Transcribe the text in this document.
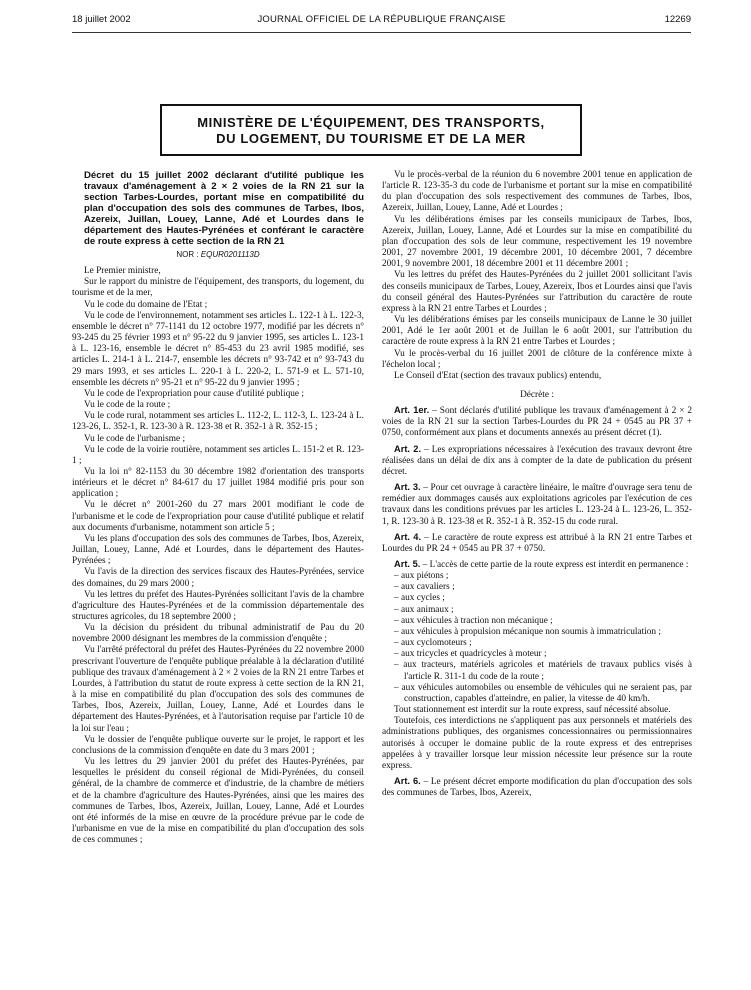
18 juillet 2002	JOURNAL OFFICIEL DE LA RÉPUBLIQUE FRANÇAISE	12269
MINISTÈRE DE L'ÉQUIPEMENT, DES TRANSPORTS,
DU LOGEMENT, DU TOURISME ET DE LA MER

Décret du 15 juillet 2002 déclarant d'utilité publique les travaux d'aménagement à 2 × 2 voies de la RN 21 sur la section Tarbes-Lourdes, portant mise en compatibilité du plan d'occupation des sols des communes de Tarbes, Ibos, Azereix, Juillan, Louey, Lanne, Adé et Lourdes dans le département des Hautes-Pyrénées et conférant le caractère de route express à cette section de la RN 21

NOR : EQUR0201113D

Le Premier ministre,

Sur le rapport du ministre de l'équipement, des transports, du logement, du tourisme et de la mer,

Vu le code du domaine de l'Etat ;

Vu le code de l'environnement, notamment ses articles L. 122-1 à L. 122-3, ensemble le décret n° 77-1141 du 12 octobre 1977, modifié par les décrets n° 93-245 du 25 février 1993 et n° 95-22 du 9 janvier 1995, ses articles L. 123-1 à L. 123-16, ensemble le décret n° 85-453 du 23 avril 1985 modifié, ses articles L. 214-1 à L. 214-7, ensemble les décrets n° 93-742 et n° 93-743 du 29 mars 1993, et ses articles L. 220-1 à L. 220-2, L. 571-9 et L. 571-10, ensemble les décrets n° 95-21 et n° 95-22 du 9 janvier 1995 ;

Vu le code de l'expropriation pour cause d'utilité publique ;

Vu le code de la route ;

Vu le code rural, notamment ses articles L. 112-2, L. 112-3, L. 123-24 à L. 123-26, L. 352-1, R. 123-30 à R. 123-38 et R. 352-1 à R. 352-15 ;

Vu le code de l'urbanisme ;

Vu le code de la voirie routière, notamment ses articles L. 151-2 et R. 123-1 ;

Vu la loi n° 82-1153 du 30 décembre 1982 d'orientation des transports intérieurs et le décret n° 84-617 du 17 juillet 1984 modifié pris pour son application ;

Vu le décret n° 2001-260 du 27 mars 2001 modifiant le code de l'urbanisme et le code de l'expropriation pour cause d'utilité publique et relatif aux documents d'urbanisme, notamment son article 5 ;

Vu les plans d'occupation des sols des communes de Tarbes, Ibos, Azereix, Juillan, Louey, Lanne, Adé et Lourdes, dans le département des Hautes-Pyrénées ;

Vu l'avis de la direction des services fiscaux des Hautes-Pyrénées, service des domaines, du 29 mars 2000 ;

Vu les lettres du préfet des Hautes-Pyrénées sollicitant l'avis de la chambre d'agriculture des Hautes-Pyrénées et de la commission départementale des structures agricoles, du 18 septembre 2000 ;

Vu la décision du président du tribunal administratif de Pau du 20 novembre 2000 désignant les membres de la commission d'enquête ;

Vu l'arrêté préfectoral du préfet des Hautes-Pyrénées du 22 novembre 2000 prescrivant l'ouverture de l'enquête publique préalable à la déclaration d'utilité publique des travaux d'aménagement à 2 × 2 voies de la RN 21 entre Tarbes et Lourdes, à l'attribution du statut de route express à cette section de la RN 21, à la mise en compatibilité du plan d'occupation des sols des communes de Tarbes, Ibos, Azereix, Juillan, Louey, Lanne, Adé et Lourdes dans le département des Hautes-Pyrénées, et à l'autorisation requise par l'article 10 de la loi sur l'eau ;

Vu le dossier de l'enquête publique ouverte sur le projet, le rapport et les conclusions de la commission d'enquête en date du 3 mars 2001 ;

Vu les lettres du 29 janvier 2001 du préfet des Hautes-Pyrénées, par lesquelles le président du conseil régional de Midi-Pyrénées, du conseil général, de la chambre de commerce et d'industrie, de la chambre de métiers et de la chambre d'agriculture des Hautes-Pyrénées, ainsi que les maires des communes de Tarbes, Ibos, Azereix, Juillan, Louey, Lanne, Adé et Lourdes ont été informés de la mise en œuvre de la procédure prévue par le code de l'urbanisme en vue de la mise en compatibilité du plan d'occupation des sols de ces communes ;

Vu le procès-verbal de la réunion du 6 novembre 2001 tenue en application de l'article R. 123-35-3 du code de l'urbanisme et portant sur la mise en compatibilité du plan d'occupation des sols respectivement des communes de Tarbes, Ibos, Azereix, Juillan, Louey, Lanne, Adé et Lourdes ;

Vu les délibérations émises par les conseils municipaux de Tarbes, Ibos, Azereix, Juillan, Louey, Lanne, Adé et Lourdes sur la mise en compatibilité du plan d'occupation des sols de leur commune, respectivement les 19 novembre 2001, 27 novembre 2001, 19 décembre 2001, 10 décembre 2001, 7 décembre 2001, 9 novembre 2001, 18 décembre 2001 et 11 décembre 2001 ;

Vu les lettres du préfet des Hautes-Pyrénées du 2 juillet 2001 sollicitant l'avis des conseils municipaux de Tarbes, Louey, Azereix, Ibos et Lourdes ainsi que l'avis du conseil général des Hautes-Pyrénées sur l'attribution du caractère de route express à la RN 21 entre Tarbes et Lourdes ;

Vu les délibérations émises par les conseils municipaux de Lanne le 30 juillet 2001, Adé le 1er août 2001 et de Juillan le 6 août 2001, sur l'attribution du caractère de route express à la RN 21 entre Tarbes et Lourdes ;

Vu le procès-verbal du 16 juillet 2001 de clôture de la conférence mixte à l'échelon local ;

Le Conseil d'Etat (section des travaux publics) entendu,

Décrète :

Art. 1er. – Sont déclarés d'utilité publique les travaux d'aménagement à 2 × 2 voies de la RN 21 sur la section Tarbes-Lourdes du PR 24 + 0545 au PR 37 + 0750, conformément aux plans et documents annexés au présent décret (1).

Art. 2. – Les expropriations nécessaires à l'exécution des travaux devront être réalisées dans un délai de dix ans à compter de la date de publication du présent décret.

Art. 3. – Pour cet ouvrage à caractère linéaire, le maître d'ouvrage sera tenu de remédier aux dommages causés aux exploitations agricoles par l'exécution de ces travaux dans les conditions prévues par les articles L. 123-24 à L. 123-26, L. 352-1, R. 123-30 à R. 123-38 et R. 352-1 à R. 352-15 du code rural.

Art. 4. – Le caractère de route express est attribué à la RN 21 entre Tarbes et Lourdes du PR 24 + 0545 au PR 37 + 0750.

Art. 5. – L'accès de cette partie de la route express est interdit en permanence :

– aux piétons ;
– aux cavaliers ;
– aux cycles ;
– aux animaux ;
– aux véhicules à traction non mécanique ;
– aux véhicules à propulsion mécanique non soumis à immatriculation ;
– aux cyclomoteurs ;
– aux tricycles et quadricycles à moteur ;
– aux tracteurs, matériels agricoles et matériels de travaux publics visés à l'article R. 311-1 du code de la route ;
– aux véhicules automobiles ou ensemble de véhicules qui ne seraient pas, par construction, capables d'atteindre, en palier, la vitesse de 40 km/h.

Tout stationnement est interdit sur la route express, sauf nécessité absolue.

Toutefois, ces interdictions ne s'appliquent pas aux personnels et matériels des administrations publiques, des organismes concessionnaires ou permissionnaires autorisés à occuper le domaine public de la route express et des entreprises appelées à y travailler lorsque leur mission nécessite leur présence sur la route express.

Art. 6. – Le présent décret emporte modification du plan d'occupation des sols des communes de Tarbes, Ibos, Azereix,
